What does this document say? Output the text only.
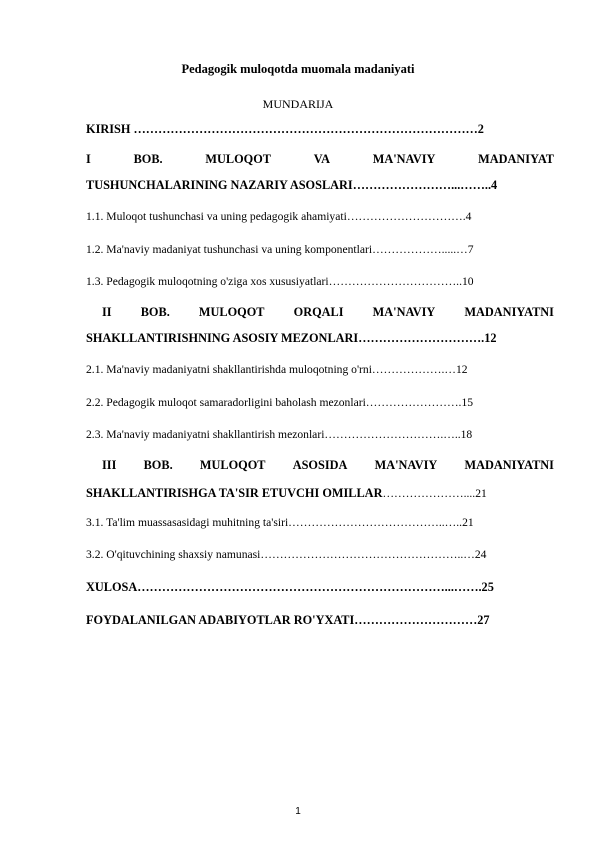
Pedagogik muloqotda muomala madaniyati
MUNDARIJA
KIRISH …………………………………………………………………………2
I	BOB.	MULOQOT	VA	MA'NAVIY	MADANIYAT
TUSHUNCHALARINING NAZARIY ASOSLARI……………………...……..4
1.1. Muloqot tushunchasi va uning pedagogik ahamiyati………………………….4
1.2. Ma'naviy madaniyat tushunchasi va uning komponentlari……………….....…7
1.3. Pedagogik muloqotning o'ziga xos xususiyatlari……………………………..10
II BOB. MULOQOT ORQALI MA'NAVIY MADANIYATNI
SHAKLLANTIRISHNING ASOSIY MEZONLARI………………………….12
2.1. Ma'naviy madaniyatni shakllantirishda muloqotning o'rni……………….…12
2.2. Pedagogik muloqot samaradorligini baholash mezonlari…………………….15
2.3. Ma'naviy madaniyatni shakllantirish mezonlari………………………….…..18
III BOB. MULOQOT ASOSIDA MA'NAVIY MADANIYATNI
SHAKLLANTIRISHGA TA'SIR ETUVCHI OMILLAR…………………....21
3.1. Ta'lim muassasasidagi muhitning ta'siri…………………………………..…..21
3.2. O'qituvchining shaxsiy namunasi……………………………………………..…24
XULOSA…………………………………………………………………...…….25
FOYDALANILGAN ADABIYOTLAR RO'YXATI…………………………27
1
